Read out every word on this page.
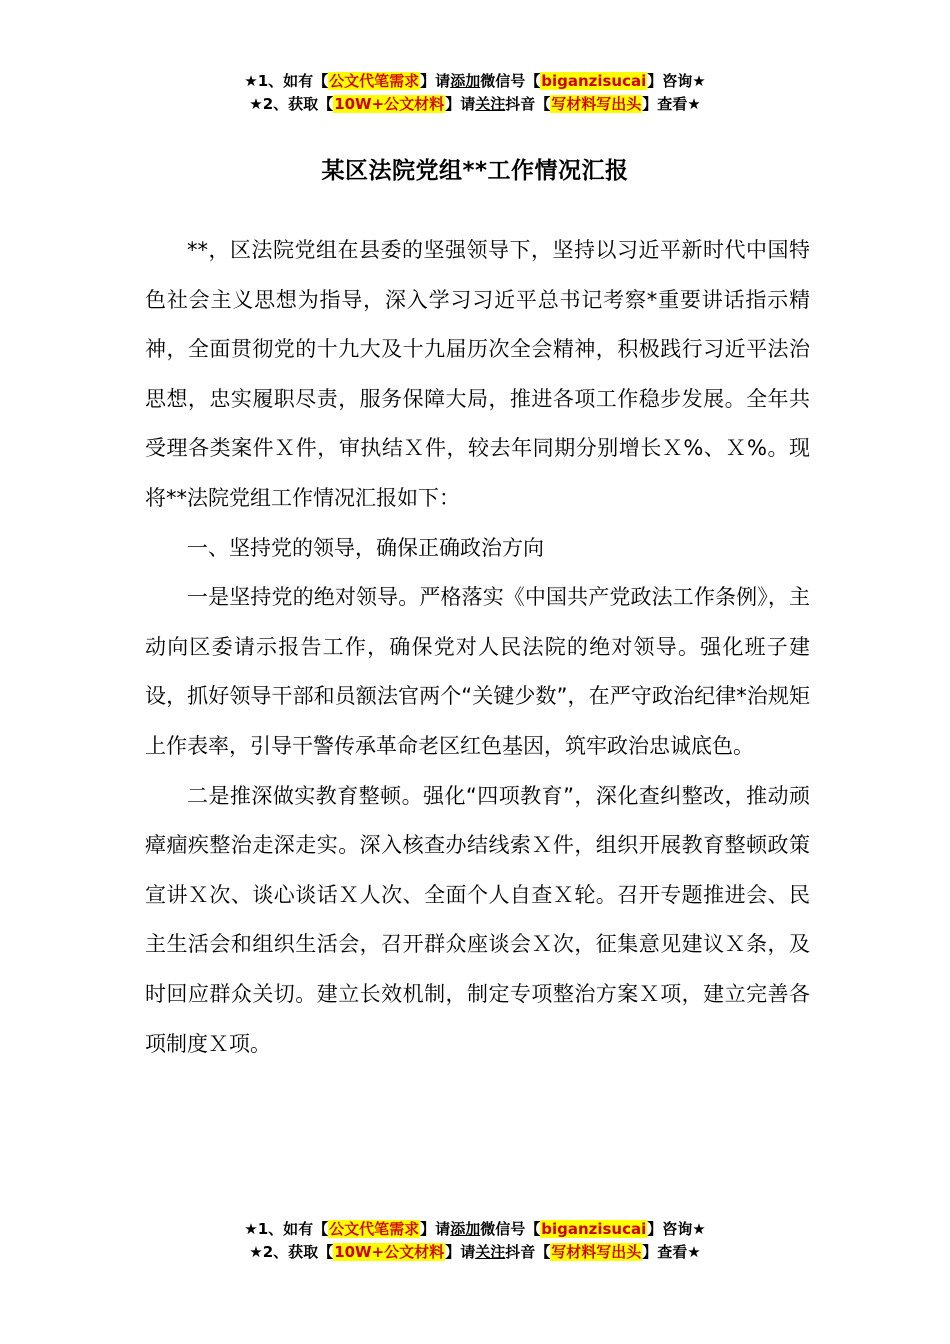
★1、如有【公文代笔需求】请添加微信号【biganzisucai】咨询★
★2、获取【10W+公文材料】请关注抖音【写材料写出头】查看★
某区法院党组**工作情况汇报

**，区法院党组在县委的坚强领导下，坚持以习近平新时代中国特色社会主义思想为指导，深入学习习近平总书记考察*重要讲话指示精神，全面贯彻党的十九大及十九届历次全会精神，积极践行习近平法治思想，忠实履职尽责，服务保障大局，推进各项工作稳步发展。全年共受理各类案件Ｘ件，审执结Ｘ件，较去年同期分别增长Ｘ%、Ｘ%。现将**法院党组工作情况汇报如下：

一、坚持党的领导，确保正确政治方向

一是坚持党的绝对领导。严格落实《中国共产党政法工作条例》，主动向区委请示报告工作，确保党对人民法院的绝对领导。强化班子建设，抓好领导干部和员额法官两个“关键少数”，在严守政治纪律*治规矩上作表率，引导干警传承革命老区红色基因，筑牢政治忠诚底色。

二是推深做实教育整顿。强化“四项教育”，深化查纠整改，推动顽瘴痼疾整治走深走实。深入核查办结线索Ｘ件，组织开展教育整顿政策宣讲Ｘ次、谈心谈话Ｘ人次、全面个人自查Ｘ轮。召开专题推进会、民主生活会和组织生活会，召开群众座谈会Ｘ次，征集意见建议Ｘ条，及时回应群众关切。建立长效机制，制定专项整治方案Ｘ项，建立完善各项制度Ｘ项。

★1、如有【公文代笔需求】请添加微信号【biganzisucai】咨询★
★2、获取【10W+公文材料】请关注抖音【写材料写出头】查看★
